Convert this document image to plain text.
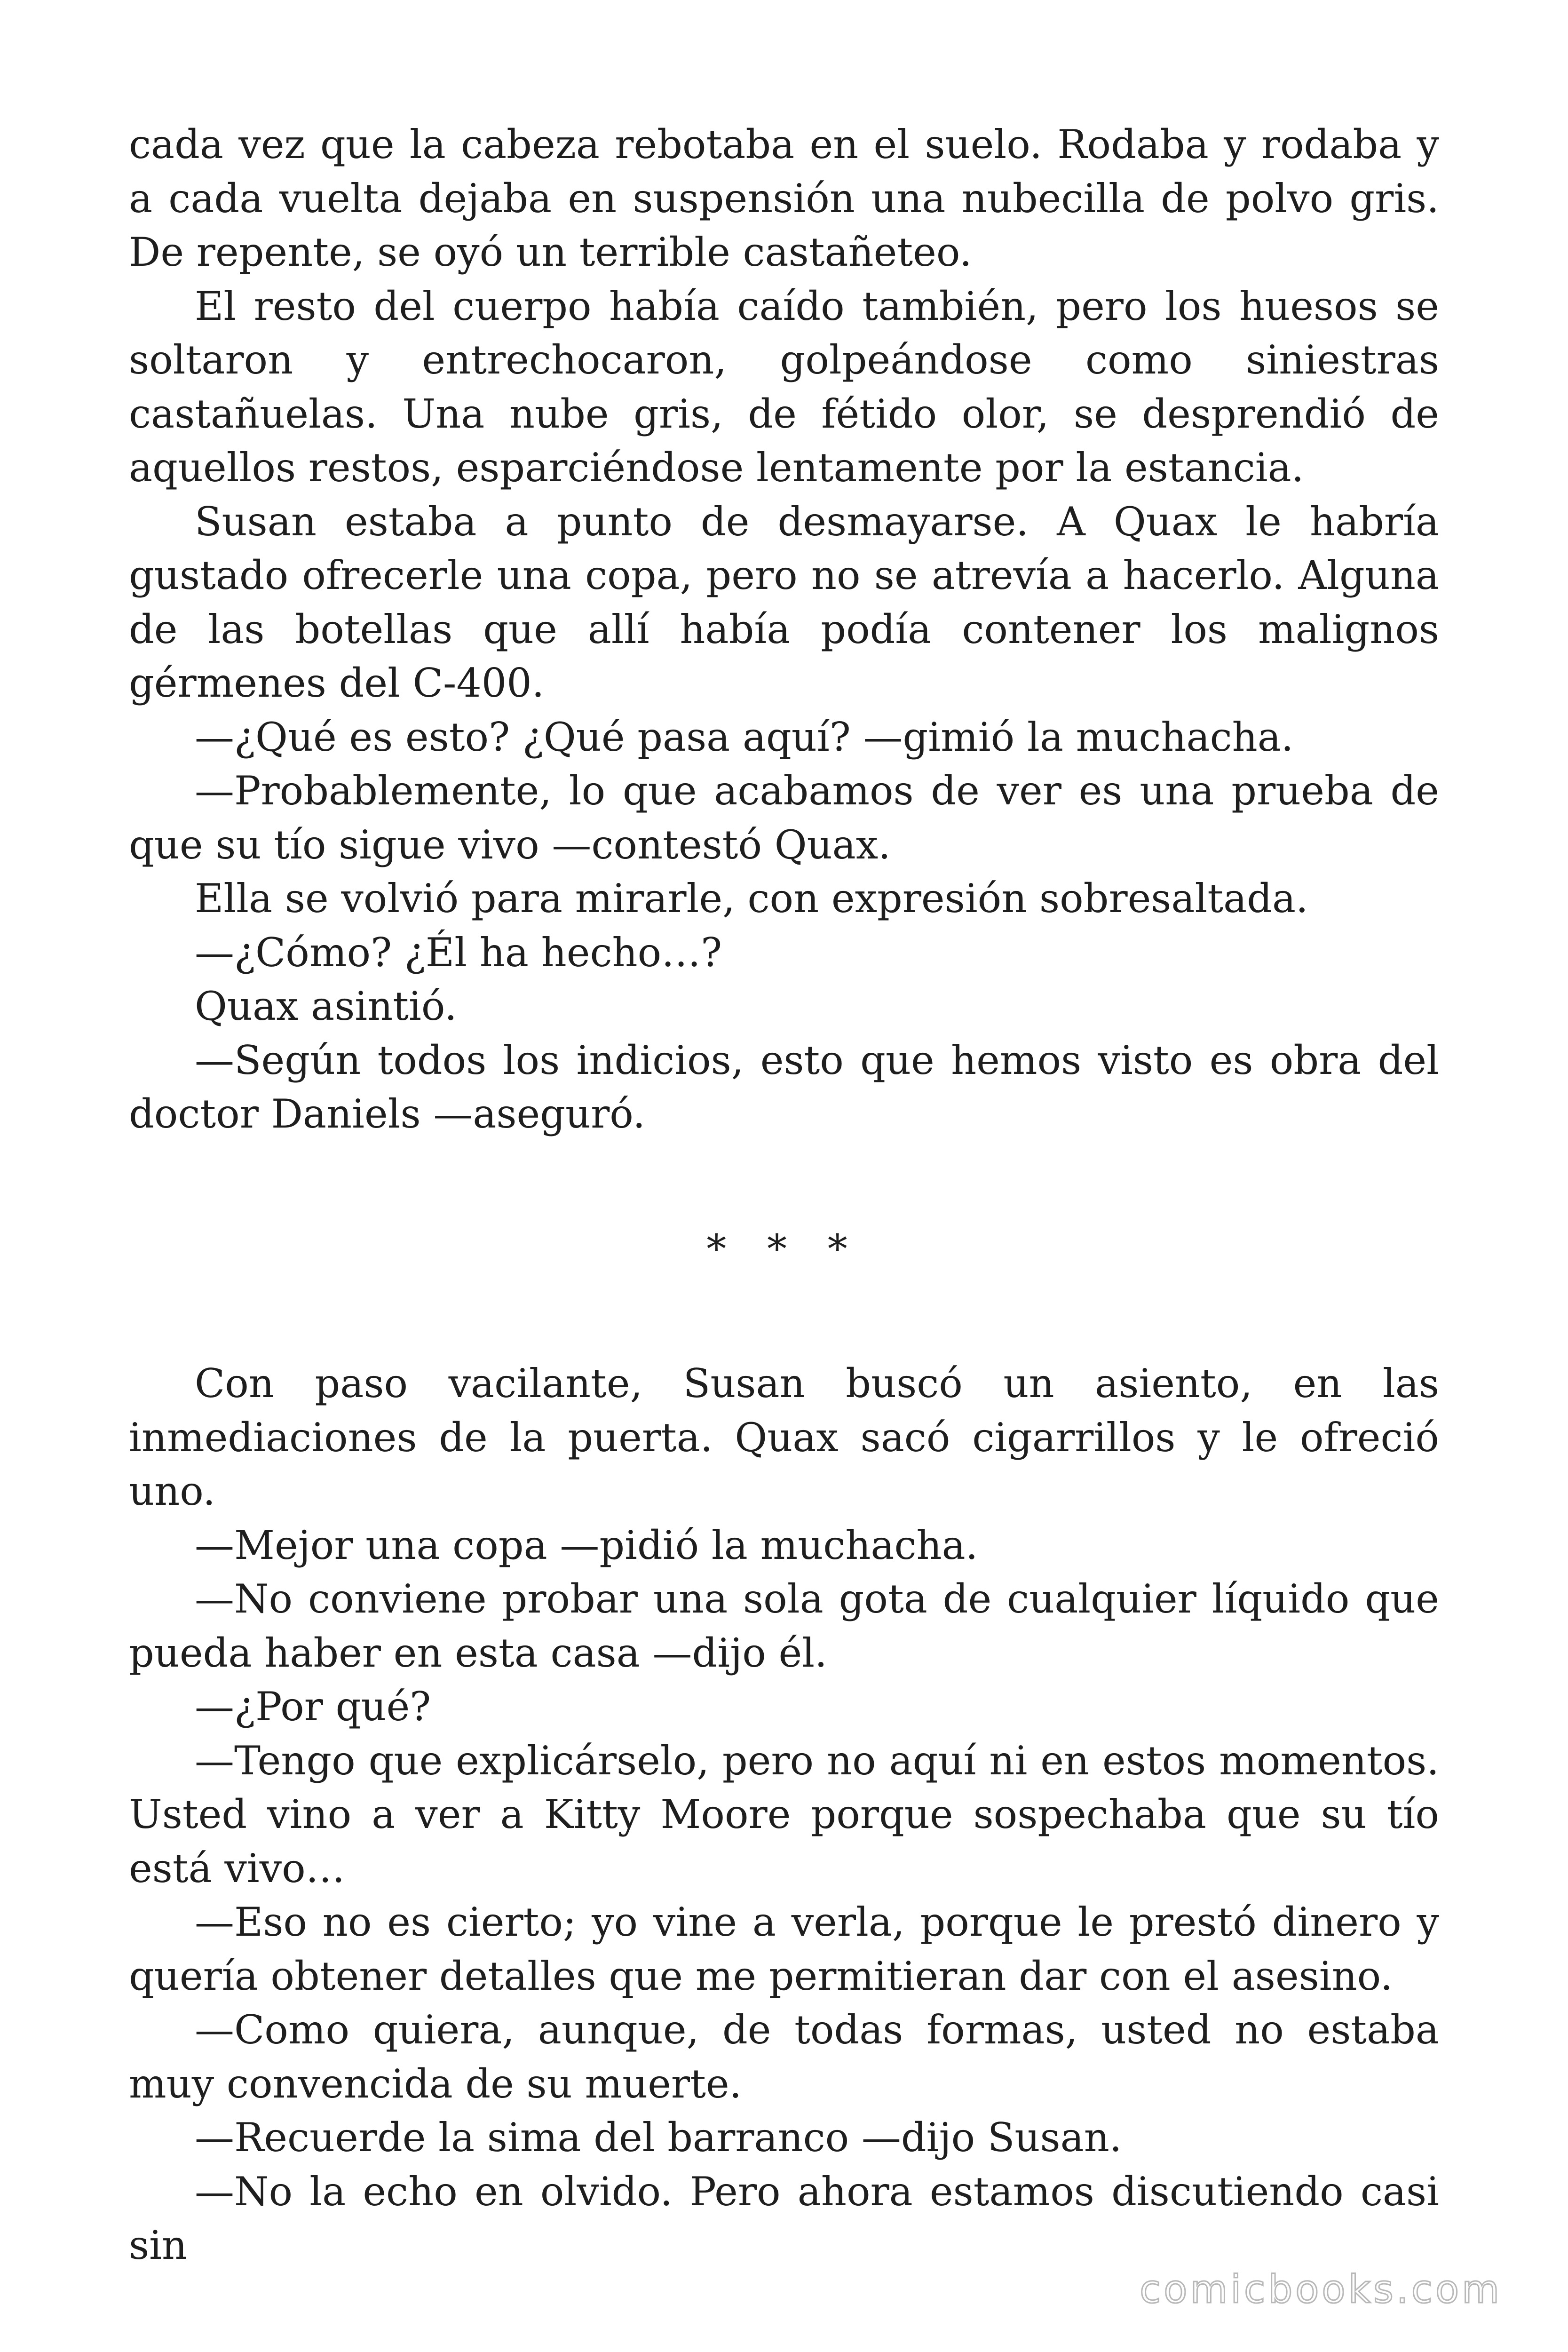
cada vez que la cabeza rebotaba en el suelo. Rodaba y rodaba y a cada vuelta dejaba en suspensión una nubecilla de polvo gris. De repente, se oyó un terrible castañeteo.

El resto del cuerpo había caído también, pero los huesos se soltaron y entrechocaron, golpeándose como siniestras castañuelas. Una nube gris, de fétido olor, se desprendió de aquellos restos, esparciéndose lentamente por la estancia.

Susan estaba a punto de desmayarse. A Quax le habría gustado ofrecerle una copa, pero no se atrevía a hacerlo. Alguna de las botellas que allí había podía contener los malignos gérmenes del C-400.

—¿Qué es esto? ¿Qué pasa aquí? —gimió la muchacha.

—Probablemente, lo que acabamos de ver es una prueba de que su tío sigue vivo —contestó Quax.

Ella se volvió para mirarle, con expresión sobresaltada.

—¿Cómo? ¿Él ha hecho…?

Quax asintió.

—Según todos los indicios, esto que hemos visto es obra del doctor Daniels —aseguró.

* * *

Con paso vacilante, Susan buscó un asiento, en las inmediaciones de la puerta. Quax sacó cigarrillos y le ofreció uno.

—Mejor una copa —pidió la muchacha.

—No conviene probar una sola gota de cualquier líquido que pueda haber en esta casa —dijo él.

—¿Por qué?

—Tengo que explicárselo, pero no aquí ni en estos momentos. Usted vino a ver a Kitty Moore porque sospechaba que su tío está vivo…

—Eso no es cierto; yo vine a verla, porque le prestó dinero y quería obtener detalles que me permitieran dar con el asesino.

—Como quiera, aunque, de todas formas, usted no estaba muy convencida de su muerte.

—Recuerde la sima del barranco —dijo Susan.

—No la echo en olvido. Pero ahora estamos discutiendo casi sin

comicbooks.com
